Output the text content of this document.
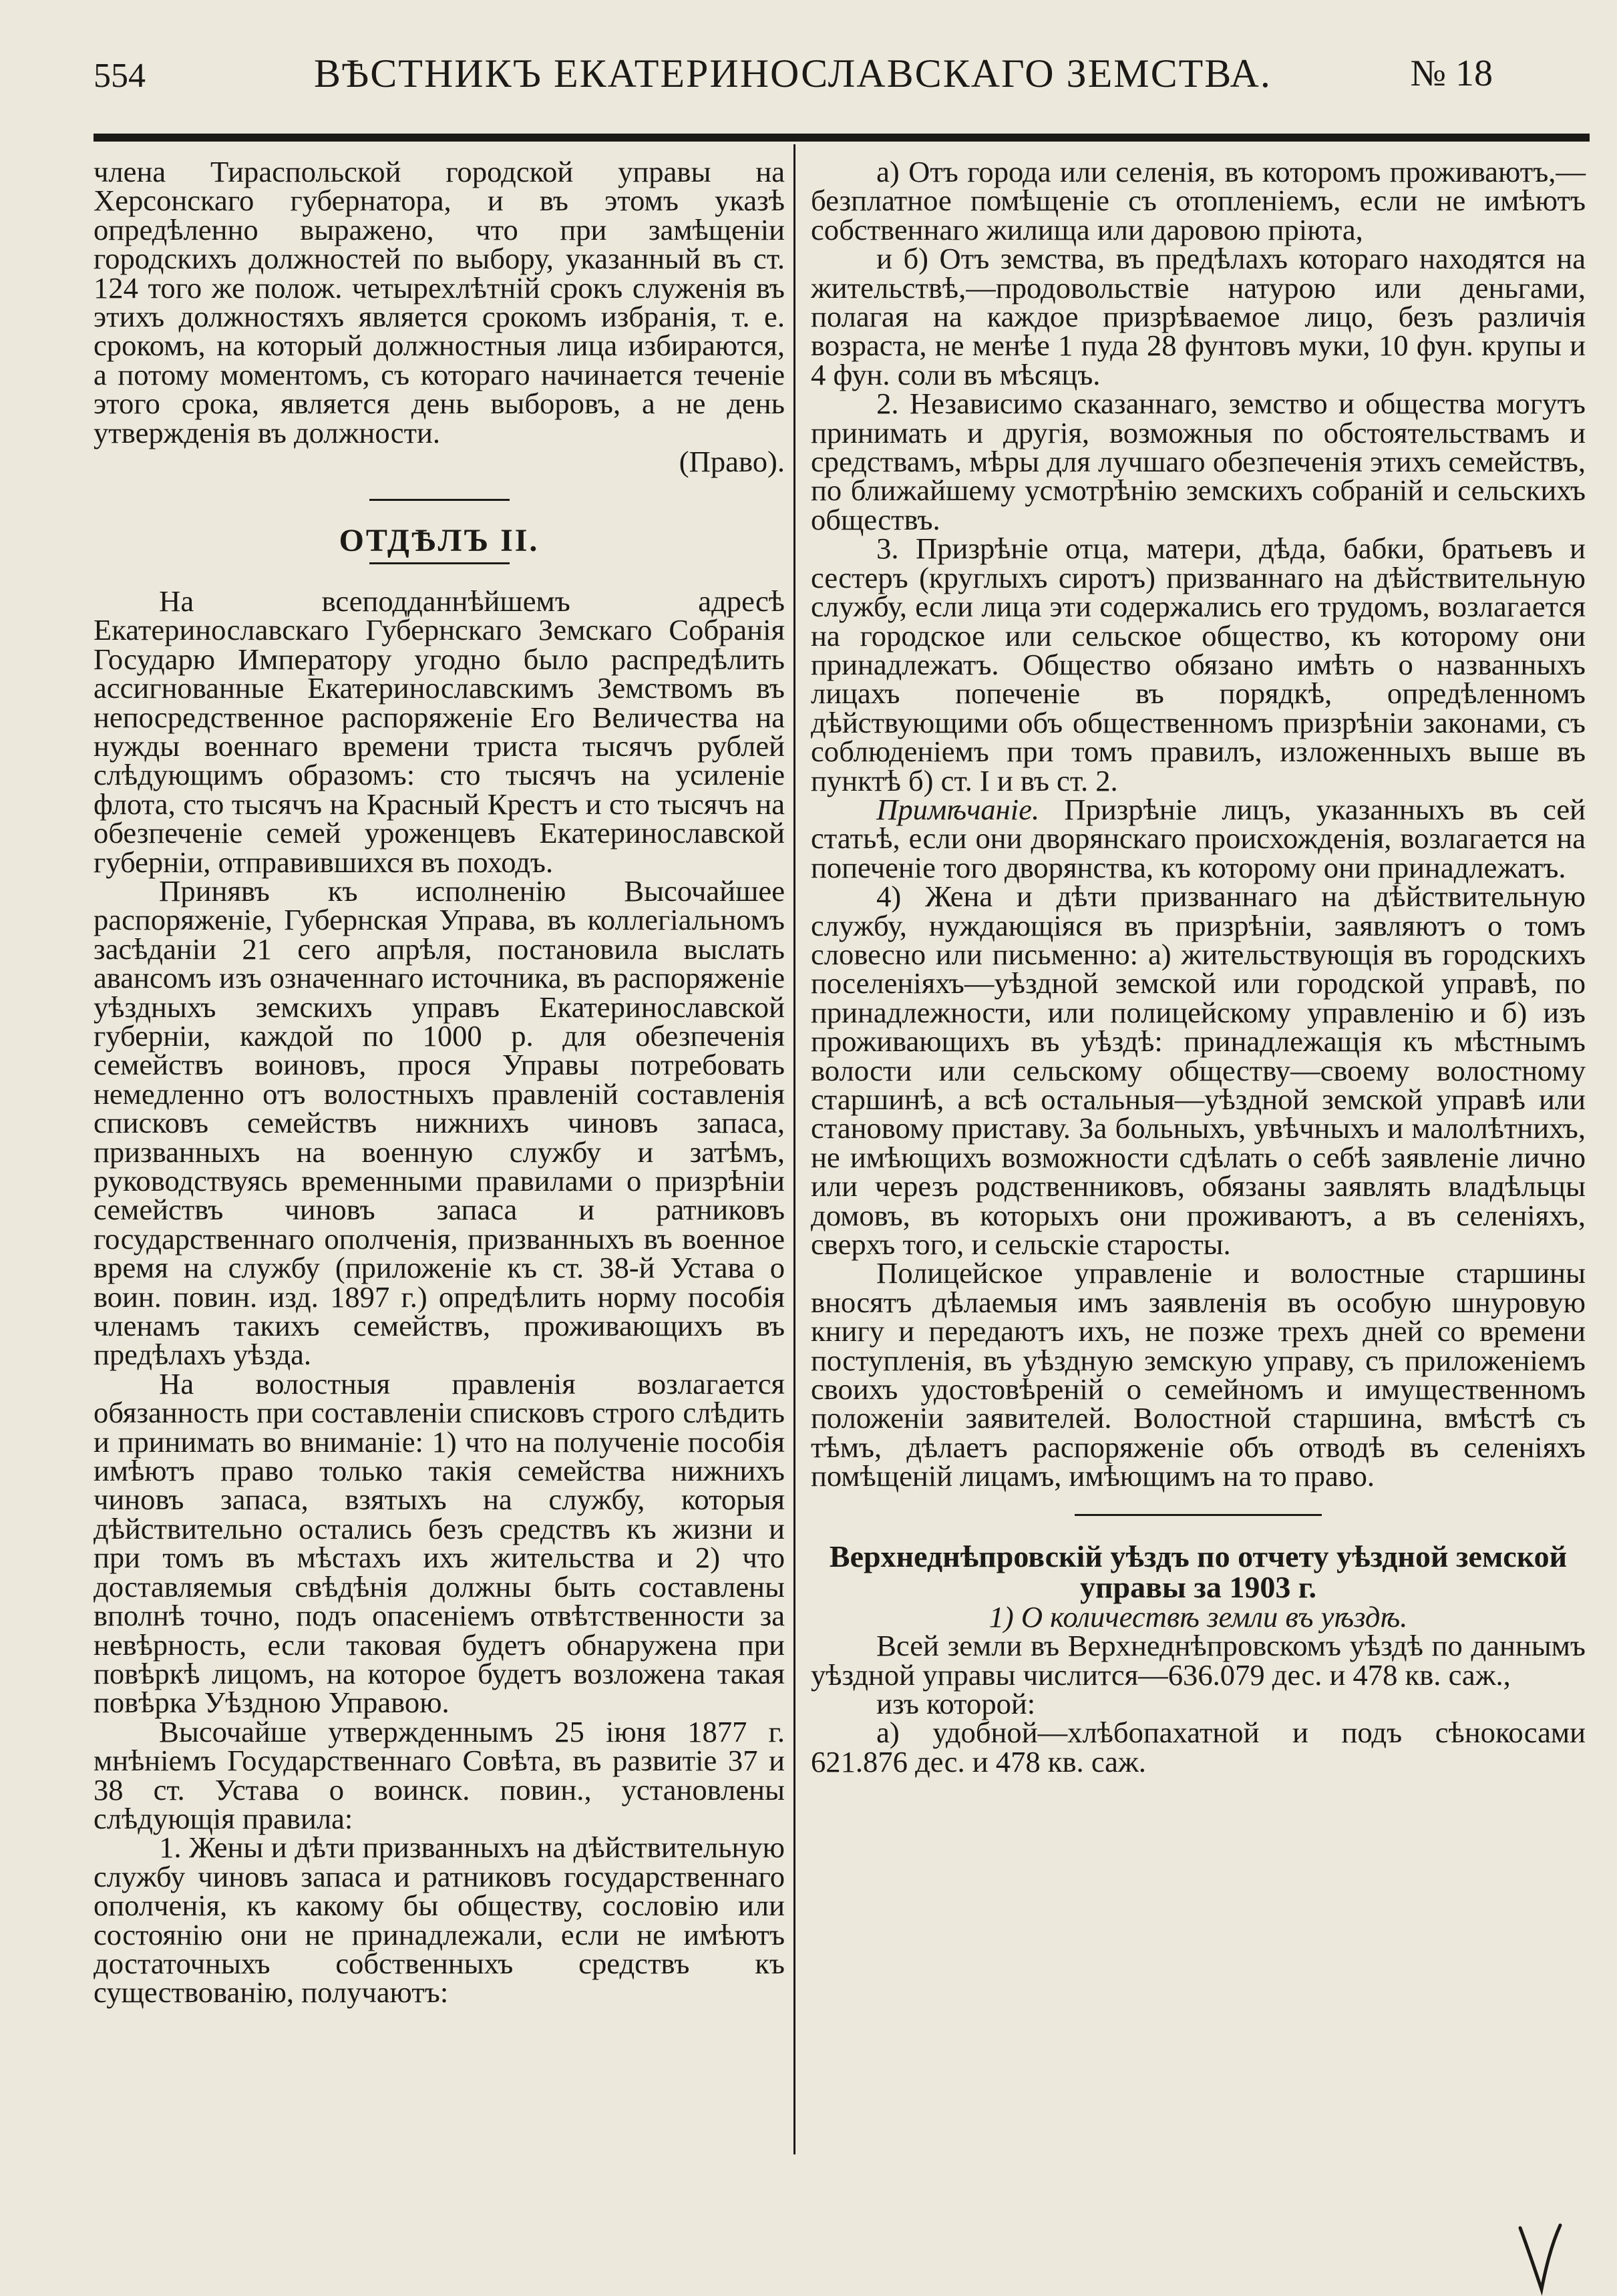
554	ВѢСТНИКЪ ЕКАТЕРИНОСЛАВСКАГО ЗЕМСТВА.	№ 18

члена Тираспольской городской управы на Херсонскаго губернатора, и въ этомъ указѣ опредѣленно выражено, что при замѣщенiи городскихъ должностей по выбору, указанный въ ст. 124 того же полож. четырехлѣтнiй срокъ служенiя въ этихъ должностяхъ является срокомъ избранiя, т. е. срокомъ, на который должностныя лица избираются, а потому моментомъ, съ котораго начинается теченiе этого срока, является день выборовъ, а не день утвержденiя въ должности.

(Право).

ОТДѢЛЪ II.

На всеподданнѣйшемъ адресѣ Екатеринославскаго Губернскаго Земскаго Собранiя Государю Императору угодно было распредѣлить ассигнованные Екатеринославскимъ Земствомъ въ непосредственное распоряженiе Его Величества на нужды военнаго времени триста тысячъ рублей слѣдующимъ образомъ: сто тысячъ на усиленiе флота, сто тысячъ на Красный Крестъ и сто тысячъ на обезпеченiе семей уроженцевъ Екатеринославской губернiи, отправившихся въ походъ.

Принявъ къ исполненiю Высочайшее распоряженiе, Губернская Управа, въ коллегiальномъ засѣданiи 21 сего апрѣля, постановила выслать авансомъ изъ означеннаго источника, въ распоряженiе уѣздныхъ земскихъ управъ Екатеринославской губернiи, каждой по 1000 р. для обезпеченiя семействъ воиновъ, прося Управы потребовать немедленно отъ волостныхъ правленiй составленiя списковъ семействъ нижнихъ чиновъ запаса, призванныхъ на военную службу и затѣмъ, руководствуясь временными правилами о призрѣнiи семействъ чиновъ запаса и ратниковъ государственнаго ополченiя, призванныхъ въ военное время на службу (приложенiе къ ст. 38-й Устава о воин. повин. изд. 1897 г.) опредѣлить норму пособiя членамъ такихъ семействъ, проживающихъ въ предѣлахъ уѣзда.

На волостныя правленiя возлагается обязанность при составленiи списковъ строго слѣдить и принимать во вниманiе: 1) что на полученiе пособiя имѣютъ право только такiя семейства нижнихъ чиновъ запаса, взятыхъ на службу, которыя дѣйствительно остались безъ средствъ къ жизни и при томъ въ мѣстахъ ихъ жительства и 2) что доставляемыя свѣдѣнiя должны быть составлены вполнѣ точно, подъ опасенiемъ отвѣтственности за невѣрность, если таковая будетъ обнаружена при повѣркѣ лицомъ, на которое будетъ возложена такая повѣрка Уѣздною Управою.

Высочайше утвержденнымъ 25 iюня 1877 г. мнѣнiемъ Государственнаго Совѣта, въ развитiе 37 и 38 ст. Устава о воинск. повин., установлены слѣдующiя правила:

1. Жены и дѣти призванныхъ на дѣйствительную службу чиновъ запаса и ратниковъ государственнаго ополченiя, къ какому бы обществу, сословiю или состоянiю они не принадлежали, если не имѣютъ достаточныхъ собственныхъ средствъ къ существованiю, получаютъ:

а) Отъ города или селенiя, въ которомъ проживаютъ,—безплатное помѣщенiе съ отопленiемъ, если не имѣютъ собственнаго жилища или даровою прiюта,

и б) Отъ земства, въ предѣлахъ котораго находятся на жительствѣ,—продовольствiе натурою или деньгами, полагая на каждое призрѣваемое лицо, безъ различiя возраста, не менѣе 1 пуда 28 фунтовъ муки, 10 фун. крупы и 4 фун. соли въ мѣсяцъ.

2. Независимо сказаннаго, земство и общества могутъ принимать и другiя, возможныя по обстоятельствамъ и средствамъ, мѣры для лучшаго обезпеченiя этихъ семействъ, по ближайшему усмотрѣнiю земскихъ собранiй и сельскихъ обществъ.

3. Призрѣнiе отца, матери, дѣда, бабки, братьевъ и сестеръ (круглыхъ сиротъ) призваннаго на дѣйствительную службу, если лица эти содержались его трудомъ, возлагается на городское или сельское общество, къ которому они принадлежатъ. Общество обязано имѣть о названныхъ лицахъ попеченiе въ порядкѣ, опредѣленномъ дѣйствующими объ общественномъ призрѣнiи законами, съ соблюденiемъ при томъ правилъ, изложенныхъ выше въ пунктѣ б) ст. I и въ ст. 2.

Примѣчанiе. Призрѣнiе лицъ, указанныхъ въ сей статьѣ, если они дворянскаго происхожденiя, возлагается на попеченiе того дворянства, къ которому они принадлежатъ.

4) Жена и дѣти призваннаго на дѣйствительную службу, нуждающiяся въ призрѣнiи, заявляютъ о томъ словесно или письменно: а) жительствующiя въ городскихъ поселенiяхъ—уѣздной земской или городской управѣ, по принадлежности, или полицейскому управленiю и б) изъ проживающихъ въ уѣздѣ: принадлежащiя къ мѣстнымъ волости или сельскому обществу—своему волостному старшинѣ, а всѣ остальныя—уѣздной земской управѣ или становому приставу. За больныхъ, увѣчныхъ и малолѣтнихъ, не имѣющихъ возможности сдѣлать о себѣ заявленiе лично или черезъ родственниковъ, обязаны заявлять владѣльцы домовъ, въ которыхъ они проживаютъ, а въ селенiяхъ, сверхъ того, и сельскiе старосты.

Полицейское управленiе и волостные старшины вносятъ дѣлаемыя имъ заявленiя въ особую шнуровую книгу и передаютъ ихъ, не позже трехъ дней со времени поступленiя, въ уѣздную земскую управу, съ приложенiемъ своихъ удостовѣренiй о семейномъ и имущественномъ положенiи заявителей. Волостной старшина, вмѣстѣ съ тѣмъ, дѣлаетъ распоряженiе объ отводѣ въ селенiяхъ помѣщенiй лицамъ, имѣющимъ на то право.

Верхнеднѣпровскiй уѣздъ по отчету уѣздной земской управы за 1903 г.

1) О количествѣ земли въ уѣздѣ.

Всей земли въ Верхнеднѣпровскомъ уѣздѣ по даннымъ уѣздной управы числится—636.079 дес. и 478 кв. саж.,

изъ которой:

а) удобной—хлѣбопахатной и подъ сѣнокосами 621.876 дес. и 478 кв. саж.
